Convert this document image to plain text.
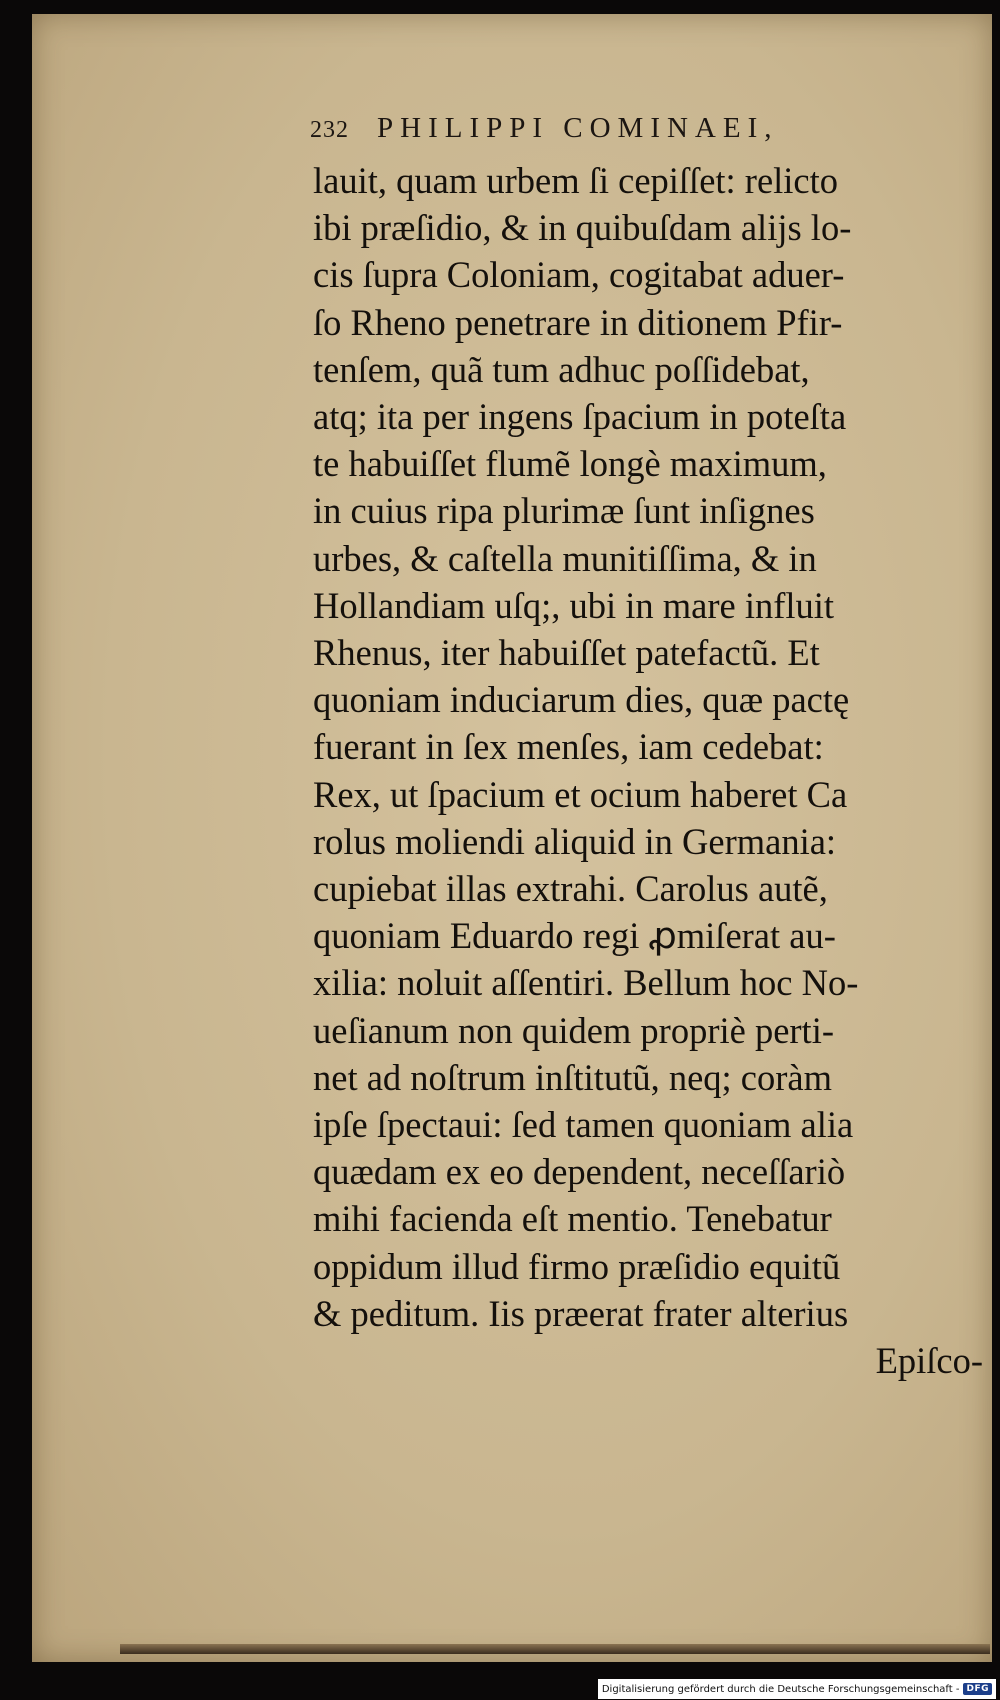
232 PHILIPPI COMINAEI,
lauit, quam urbem ſi cepiſſet: relicto
ibi præſidio, & in quibuſdam alijs lo-
cis ſupra Coloniam, cogitabat aduer-
ſo Rheno penetrare in ditionem Pfir-
tenſem, quã tum adhuc poſſidebat,
atq; ita per ingens ſpacium in poteſta
te habuiſſet flumẽ longè maximum,
in cuius ripa plurimæ ſunt inſignes
urbes, & caſtella munitiſſima, & in
Hollandiam uſq;, ubi in mare influit
Rhenus, iter habuiſſet patefactũ. Et
quoniam induciarum dies, quæ pactę
fuerant in ſex menſes, iam cedebat:
Rex, ut ſpacium et ocium haberet Ca
rolus moliendi aliquid in Germania:
cupiebat illas extrahi. Carolus autẽ,
quoniam Eduardo regi ꝓmiſerat au-
xilia: noluit aſſentiri. Bellum hoc No-
ueſianum non quidem propriè perti-
net ad noſtrum inſtitutũ, neq; coràm
ipſe ſpectaui: ſed tamen quoniam alia
quædam ex eo dependent, neceſſariò
mihi facienda eſt mentio. Tenebatur
oppidum illud firmo præſidio equitũ
& peditum. Iis præerat frater alterius
Epiſco-
Digitalisierung gefördert durch die Deutsche Forschungsgemeinschaft - DFG
